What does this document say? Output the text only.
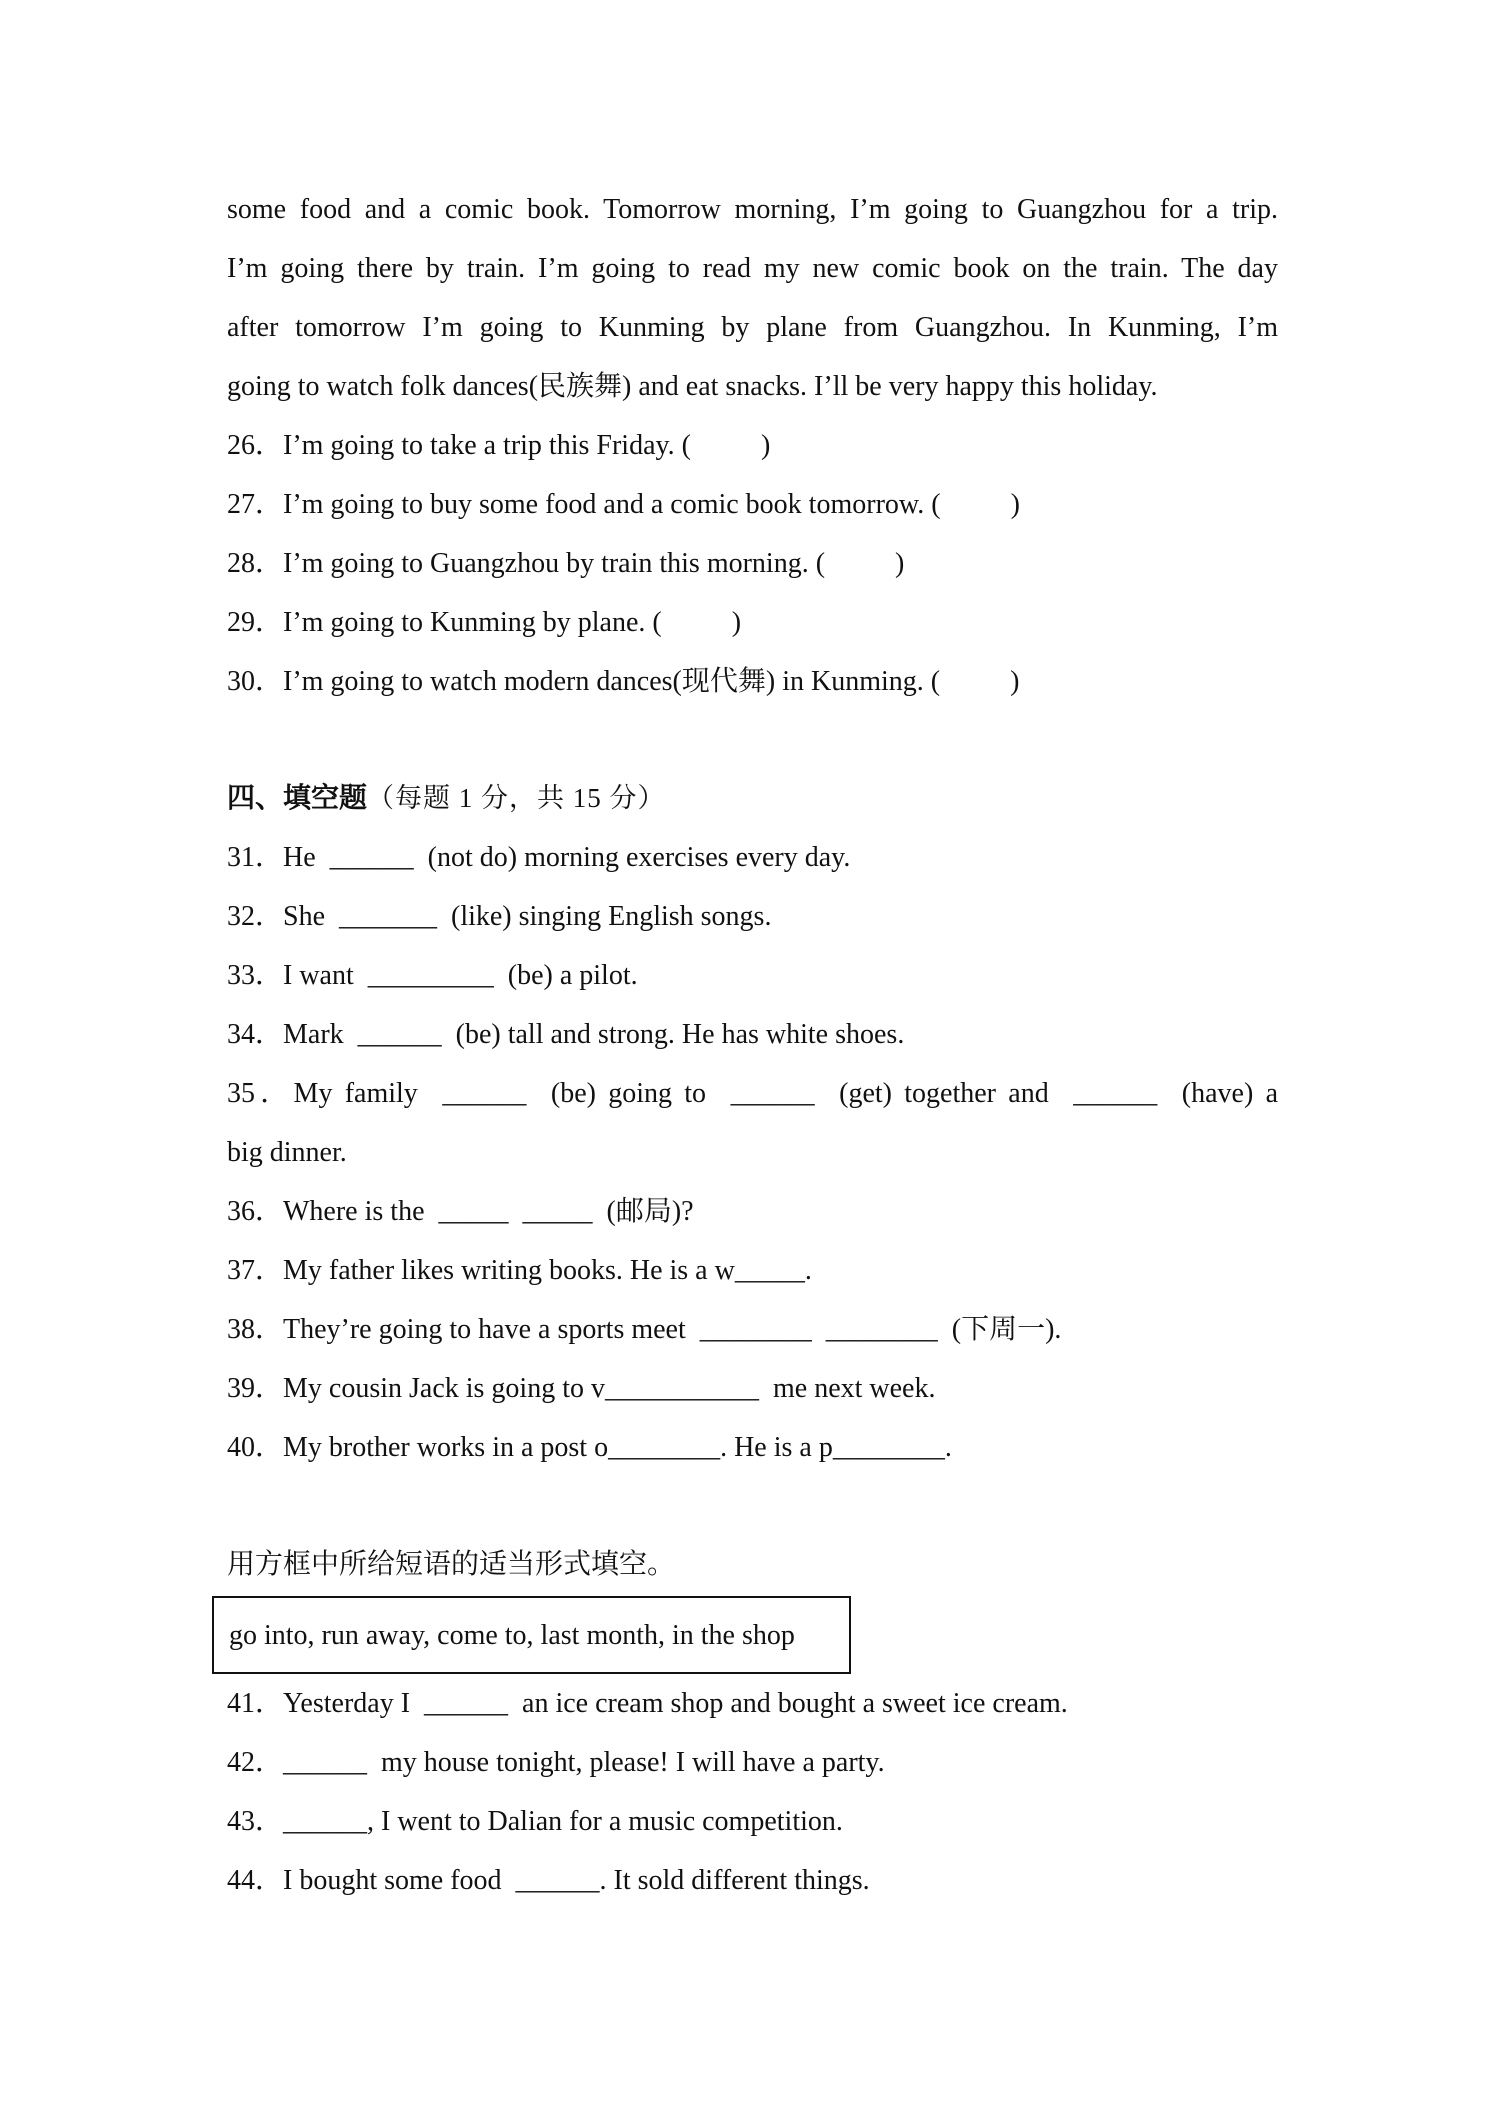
some food and a comic book. Tomorrow morning, I’m going to Guangzhou for a trip.
I’m going there by train. I’m going to read my new comic book on the train. The day
after tomorrow I’m going to Kunming by plane from Guangzhou. In Kunming, I’m
going to watch folk dances(民族舞) and eat snacks. I’ll be very happy this holiday.
26．I’m going to take a trip this Friday. (          )
27．I’m going to buy some food and a comic book tomorrow. (          )
28．I’m going to Guangzhou by train this morning. (          )
29．I’m going to Kunming by plane. (          )
30．I’m going to watch modern dances(现代舞) in Kunming. (          )
四、填空题（每题 1 分，共 15 分）
31．He  ______  (not do) morning exercises every day.
32．She  _______  (like) singing English songs.
33．I want  _________  (be) a pilot.
34．Mark  ______  (be) tall and strong. He has white shoes.
35．My family  ______  (be) going to  ______  (get) together and  ______  (have) a
big dinner.
36．Where is the  _____  _____  (邮局)?
37．My father likes writing books. He is a w_____.
38．They’re going to have a sports meet  ________  ________  (下周一).
39．My cousin Jack is going to v___________  me next week.
40．My brother works in a post o________. He is a p________.
用方框中所给短语的适当形式填空。
go into, run away, come to, last month, in the shop
41．Yesterday I  ______  an ice cream shop and bought a sweet ice cream.
42．______  my house tonight, please! I will have a party.
43．______, I went to Dalian for a music competition.
44．I bought some food  ______. It sold different things.
